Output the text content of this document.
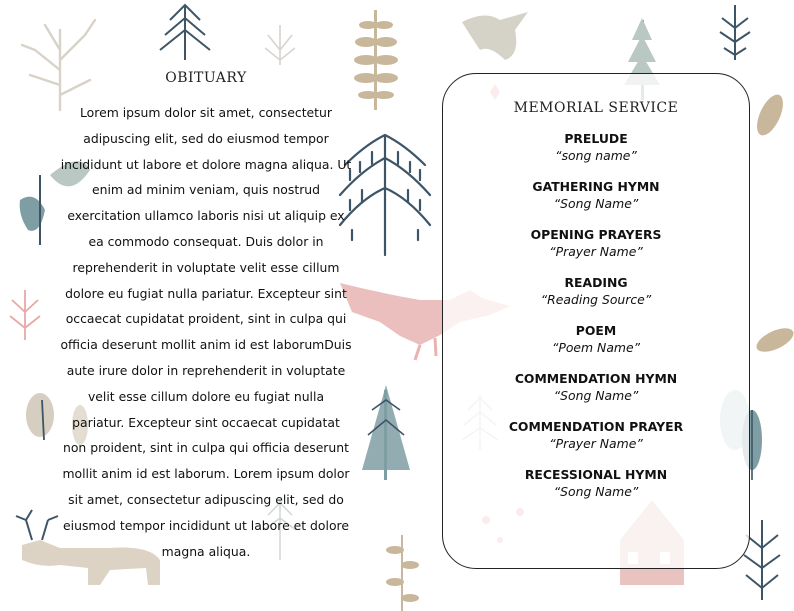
OBITUARY

Lorem ipsum dolor sit amet, consectetur adipuscing elit, sed do eiusmod tempor incididunt ut labore et dolore magna aliqua. Ut enim ad minim veniam, quis nostrud exercitation ullamco laboris nisi ut aliquip ex ea commodo consequat. Duis dolor in reprehenderit in voluptate velit esse cillum dolore eu fugiat nulla pariatur. Excepteur sint occaecat cupidatat proident, sint in culpa qui officia deserunt mollit anim id est laborumDuis aute irure dolor in reprehenderit in voluptate velit esse cillum dolore eu fugiat nulla pariatur. Excepteur sint occaecat cupidatat non proident, sint in culpa qui officia deserunt mollit anim id est laborum. Lorem ipsum dolor sit amet, consectetur adipuscing elit, sed do eiusmod tempor incididunt ut labore et dolore magna aliqua.

MEMORIAL SERVICE
PRELUDE
“song name”
GATHERING HYMN
“Song Name”
OPENING PRAYERS
“Prayer Name”
READING
“Reading Source”
POEM
“Poem Name”
COMMENDATION HYMN
“Song Name”
COMMENDATION PRAYER
“Prayer Name”
RECESSIONAL HYMN
“Song Name”
